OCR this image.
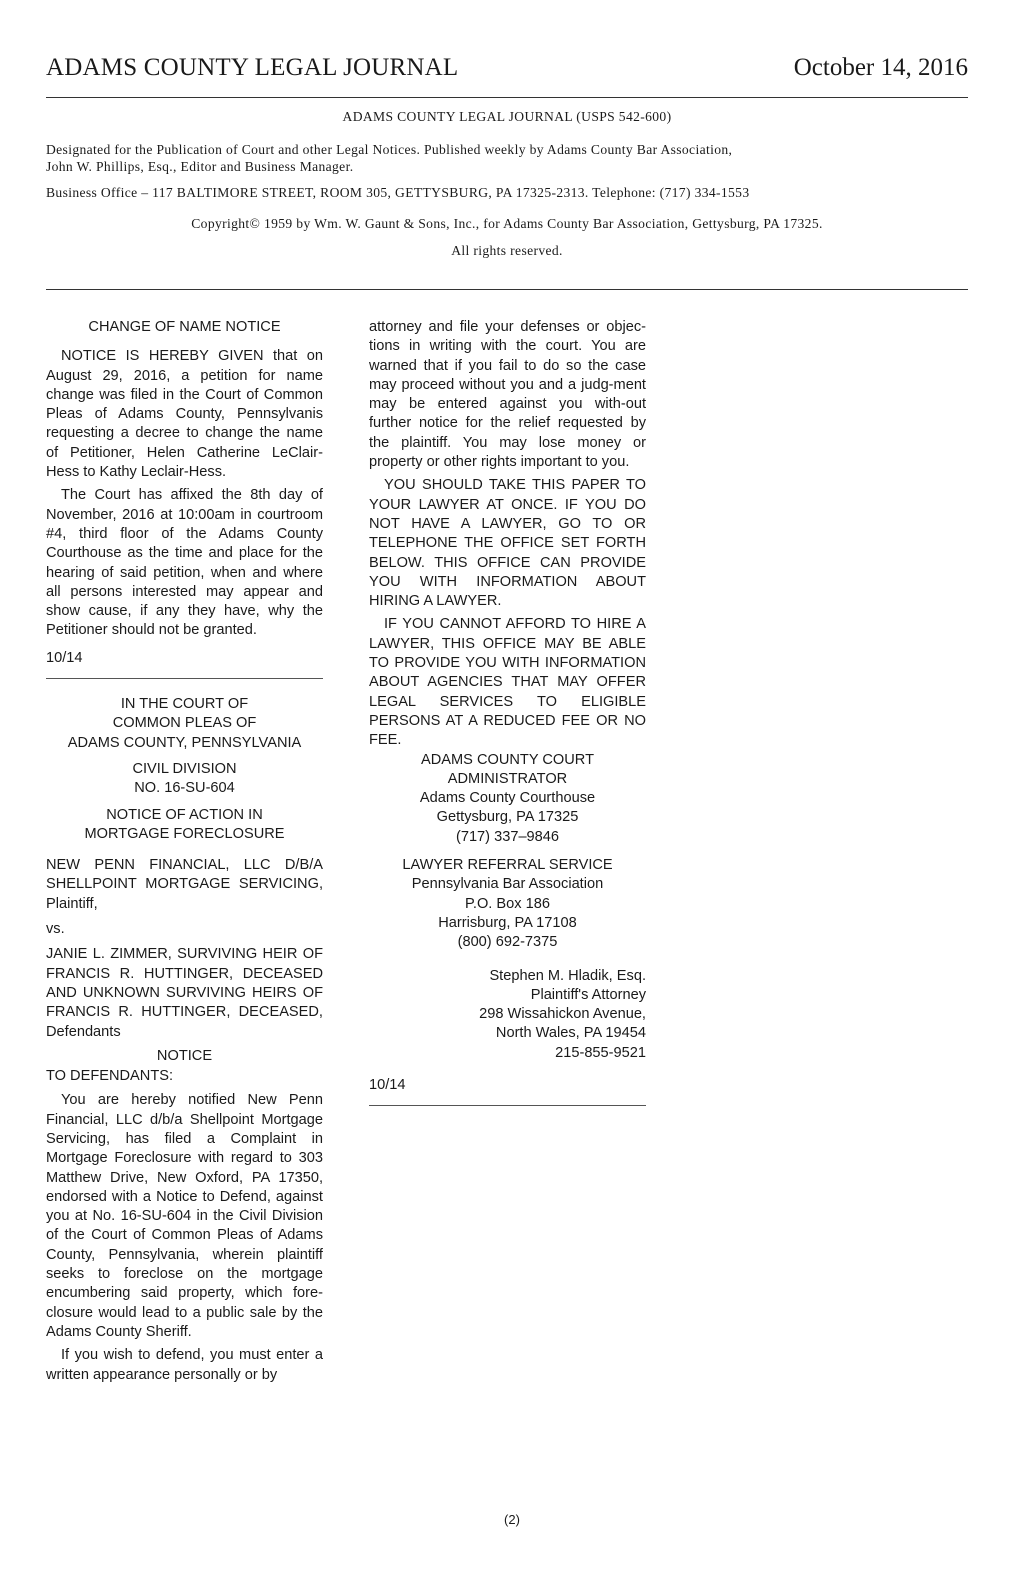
ADAMS COUNTY LEGAL JOURNAL	October 14, 2016

ADAMS COUNTY LEGAL JOURNAL (USPS 542-600)

Designated for the Publication of Court and other Legal Notices. Published weekly by Adams County Bar Association,

John W. Phillips, Esq., Editor and Business Manager.

Business Office – 117 BALTIMORE STREET, ROOM 305, GETTYSBURG, PA 17325-2313. Telephone: (717) 334-1553

Copyright© 1959 by Wm. W. Gaunt & Sons, Inc., for Adams County Bar Association, Gettysburg, PA 17325.

All rights reserved.

CHANGE OF NAME NOTICE

NOTICE IS HEREBY GIVEN that on August 29, 2016, a petition for name change was filed in the Court of Common Pleas of Adams County, Pennsylvanis requesting a decree to change the name of Petitioner, Helen Catherine LeClair-Hess to Kathy Leclair-Hess.

The Court has affixed the 8th day of November, 2016 at 10:00am in courtroom #4, third floor of the Adams County Courthouse as the time and place for the hearing of said petition, when and where all persons interested may appear and show cause, if any they have, why the Petitioner should not be granted.

10/14

IN THE COURT OF

COMMON PLEAS OF

ADAMS COUNTY, PENNSYLVANIA

CIVIL DIVISION

NO. 16-SU-604

NOTICE OF ACTION IN

MORTGAGE FORECLOSURE

NEW PENN FINANCIAL, LLC D/B/A SHELLPOINT MORTGAGE SERVICING, Plaintiff,

vs.

JANIE L. ZIMMER, SURVIVING HEIR OF FRANCIS R. HUTTINGER, DECEASED AND UNKNOWN SURVIVING HEIRS OF FRANCIS R. HUTTINGER, DECEASED, Defendants

NOTICE

TO DEFENDANTS:

You are hereby notified New Penn Financial, LLC d/b/a Shellpoint Mortgage Servicing, has filed a Complaint in Mortgage Foreclosure with regard to 303 Matthew Drive, New Oxford, PA 17350, endorsed with a Notice to Defend, against you at No. 16-SU-604 in the Civil Division of the Court of Common Pleas of Adams County, Pennsylvania, wherein plaintiff seeks to foreclose on the mortgage encumbering said property, which fore-closure would lead to a public sale by the Adams County Sheriff.

If you wish to defend, you must enter a written appearance personally or by

attorney and file your defenses or objec-tions in writing with the court. You are warned that if you fail to do so the case may proceed without you and a judg-ment may be entered against you with-out further notice for the relief requested by the plaintiff. You may lose money or property or other rights important to you.

YOU SHOULD TAKE THIS PAPER TO YOUR LAWYER AT ONCE. IF YOU DO NOT HAVE A LAWYER, GO TO OR TELEPHONE THE OFFICE SET FORTH BELOW. THIS OFFICE CAN PROVIDE YOU WITH INFORMATION ABOUT HIRING A LAWYER.

IF YOU CANNOT AFFORD TO HIRE A LAWYER, THIS OFFICE MAY BE ABLE TO PROVIDE YOU WITH INFORMATION ABOUT AGENCIES THAT MAY OFFER LEGAL SERVICES TO ELIGIBLE PERSONS AT A REDUCED FEE OR NO FEE.

ADAMS COUNTY COURT

ADMINISTRATOR

Adams County Courthouse

Gettysburg, PA 17325

(717) 337–9846

LAWYER REFERRAL SERVICE

Pennsylvania Bar Association

P.O. Box 186

Harrisburg, PA 17108

(800) 692-7375

Stephen M. Hladik, Esq.

Plaintiff's Attorney

298 Wissahickon Avenue,

North Wales, PA 19454

215-855-9521

10/14

(2)
